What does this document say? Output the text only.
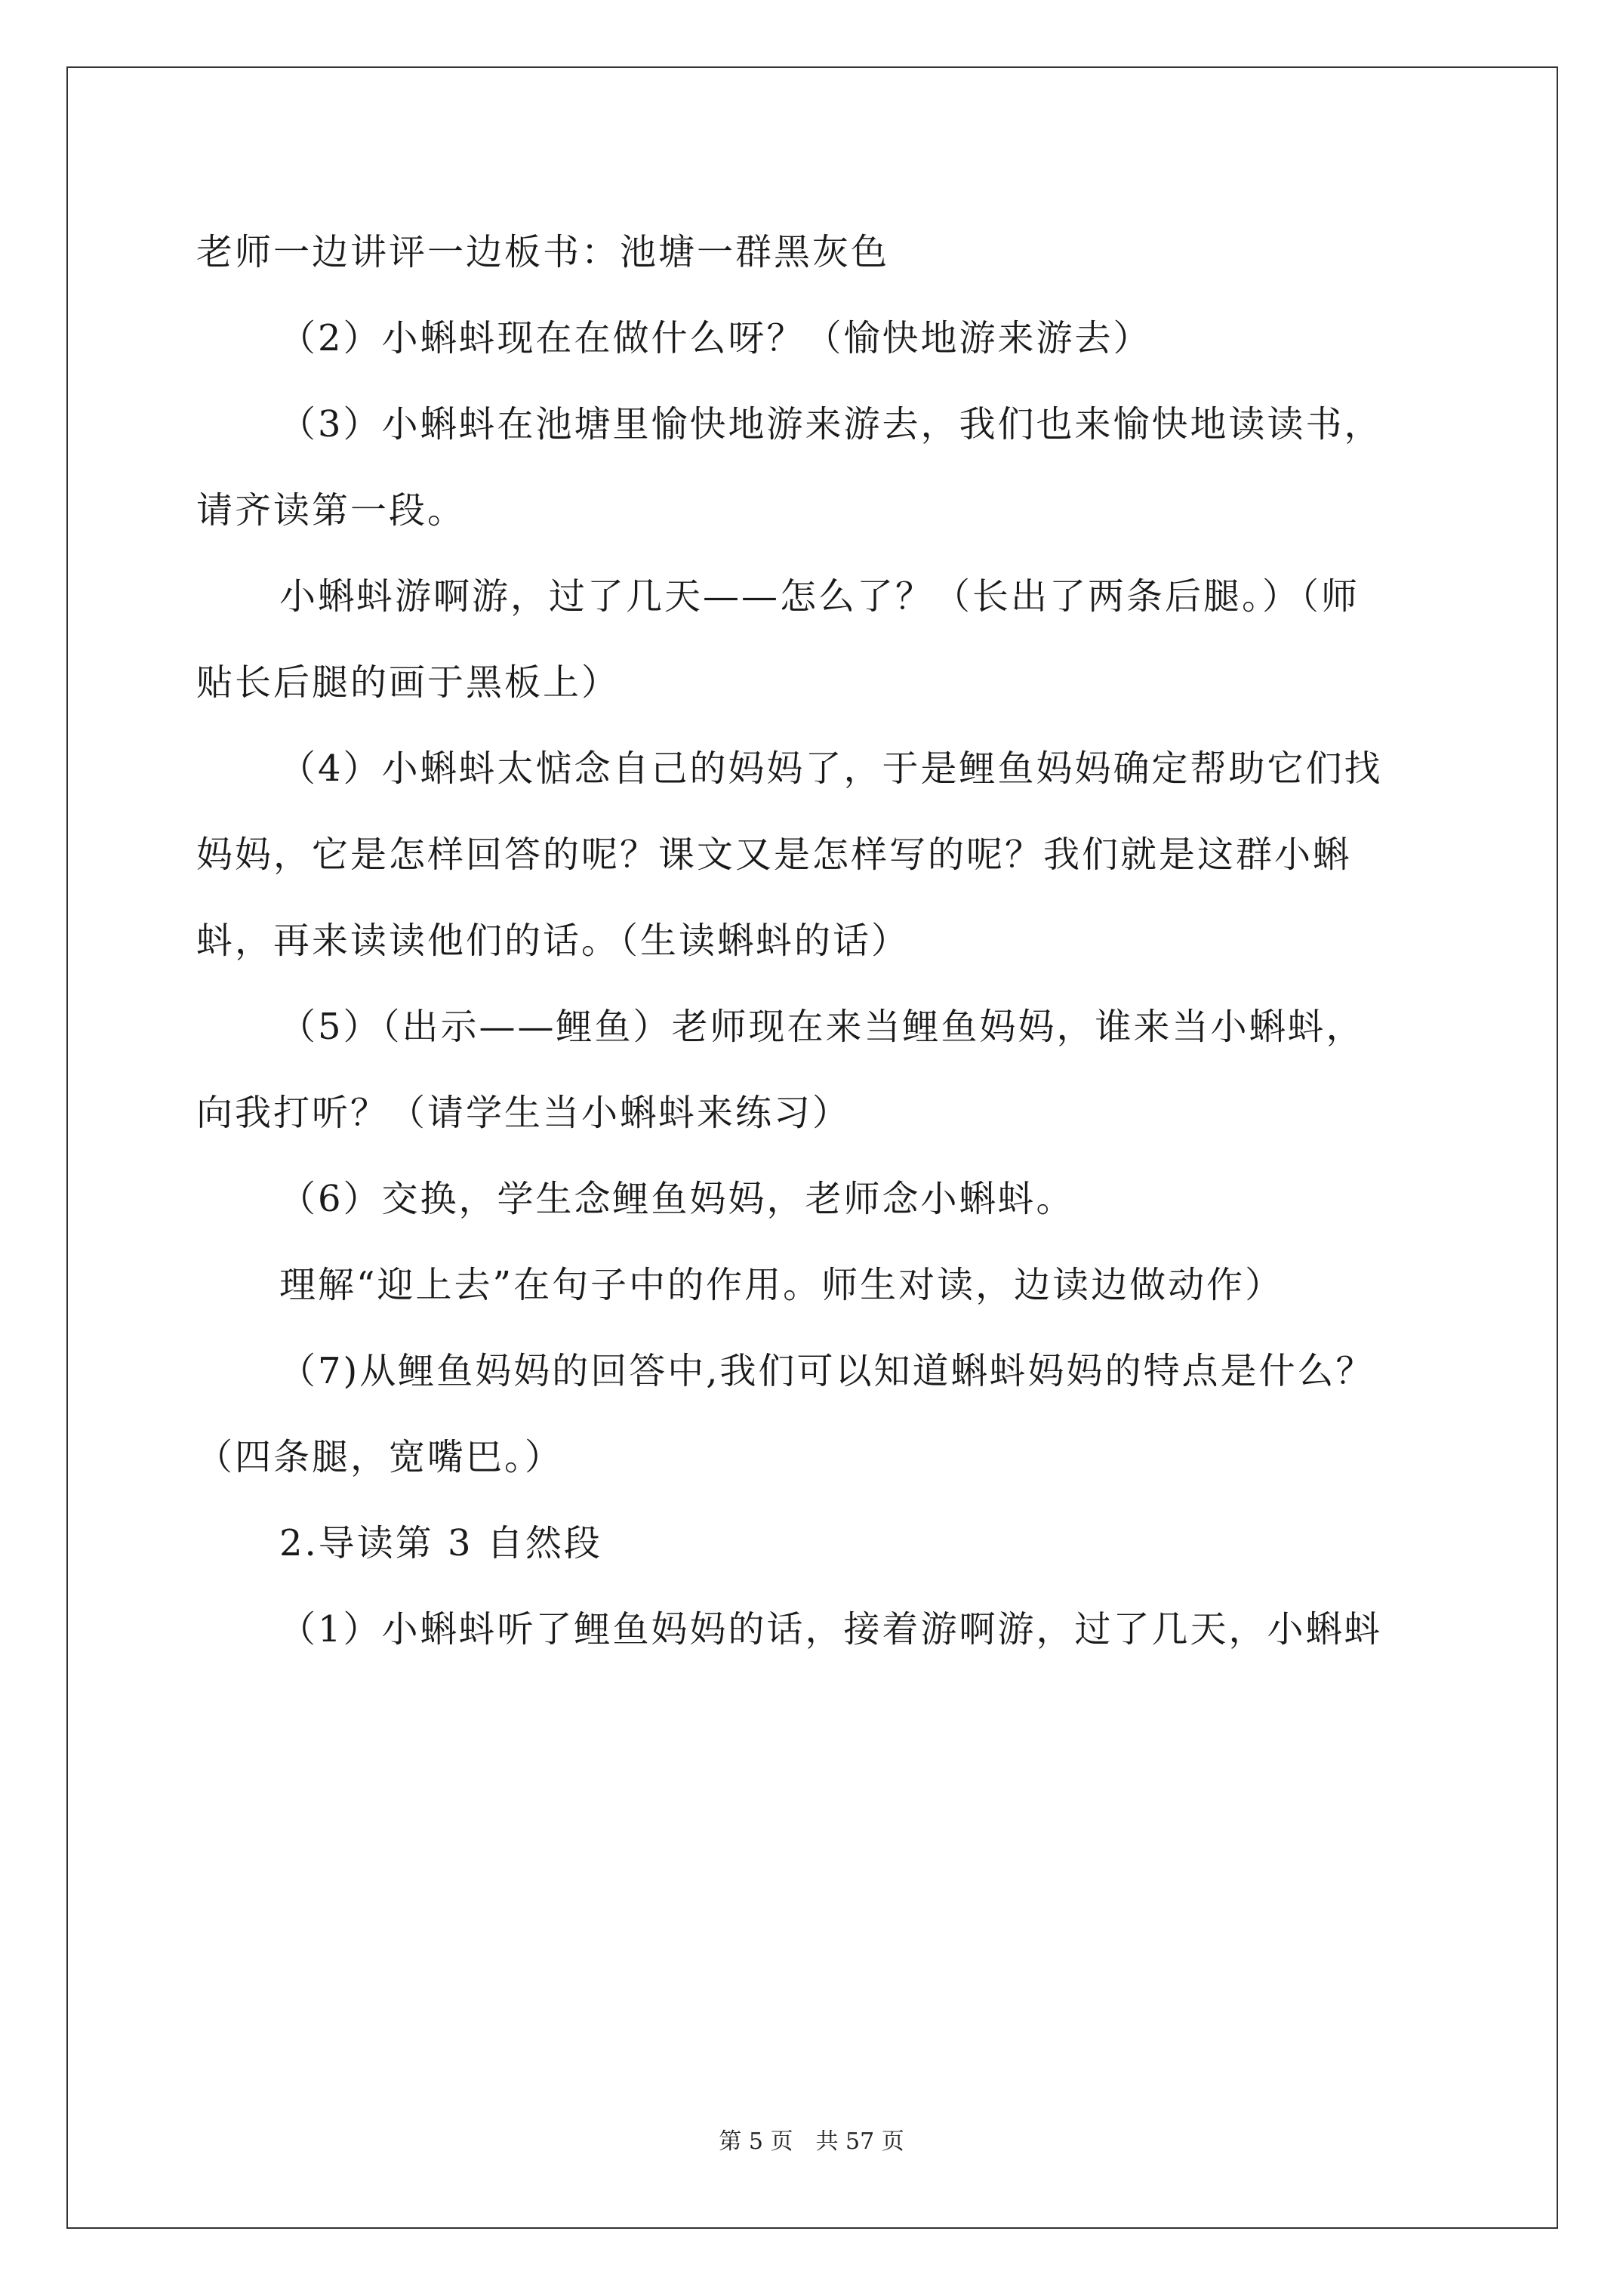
老师一边讲评一边板书：池塘一群黑灰色
（2）小蝌蚪现在在做什么呀？（愉快地游来游去）
（3）小蝌蚪在池塘里愉快地游来游去，我们也来愉快地读读书，
请齐读第一段。
小蝌蚪游啊游，过了几天——怎么了？（长出了两条后腿。）（师
贴长后腿的画于黑板上）
（4）小蝌蚪太惦念自己的妈妈了，于是鲤鱼妈妈确定帮助它们找
妈妈，它是怎样回答的呢？课文又是怎样写的呢？我们就是这群小蝌
蚪，再来读读他们的话。（生读蝌蚪的话）
（5）（出示——鲤鱼）老师现在来当鲤鱼妈妈，谁来当小蝌蚪，
向我打听？（请学生当小蝌蚪来练习）
（6）交换，学生念鲤鱼妈妈，老师念小蝌蚪。
理解“迎上去”在句子中的作用。师生对读，边读边做动作）
（7)从鲤鱼妈妈的回答中,我们可以知道蝌蚪妈妈的特点是什么？
（四条腿，宽嘴巴。）
2.导读第 3 自然段
（1）小蝌蚪听了鲤鱼妈妈的话，接着游啊游，过了几天，小蝌蚪
第 5 页　共 57 页
